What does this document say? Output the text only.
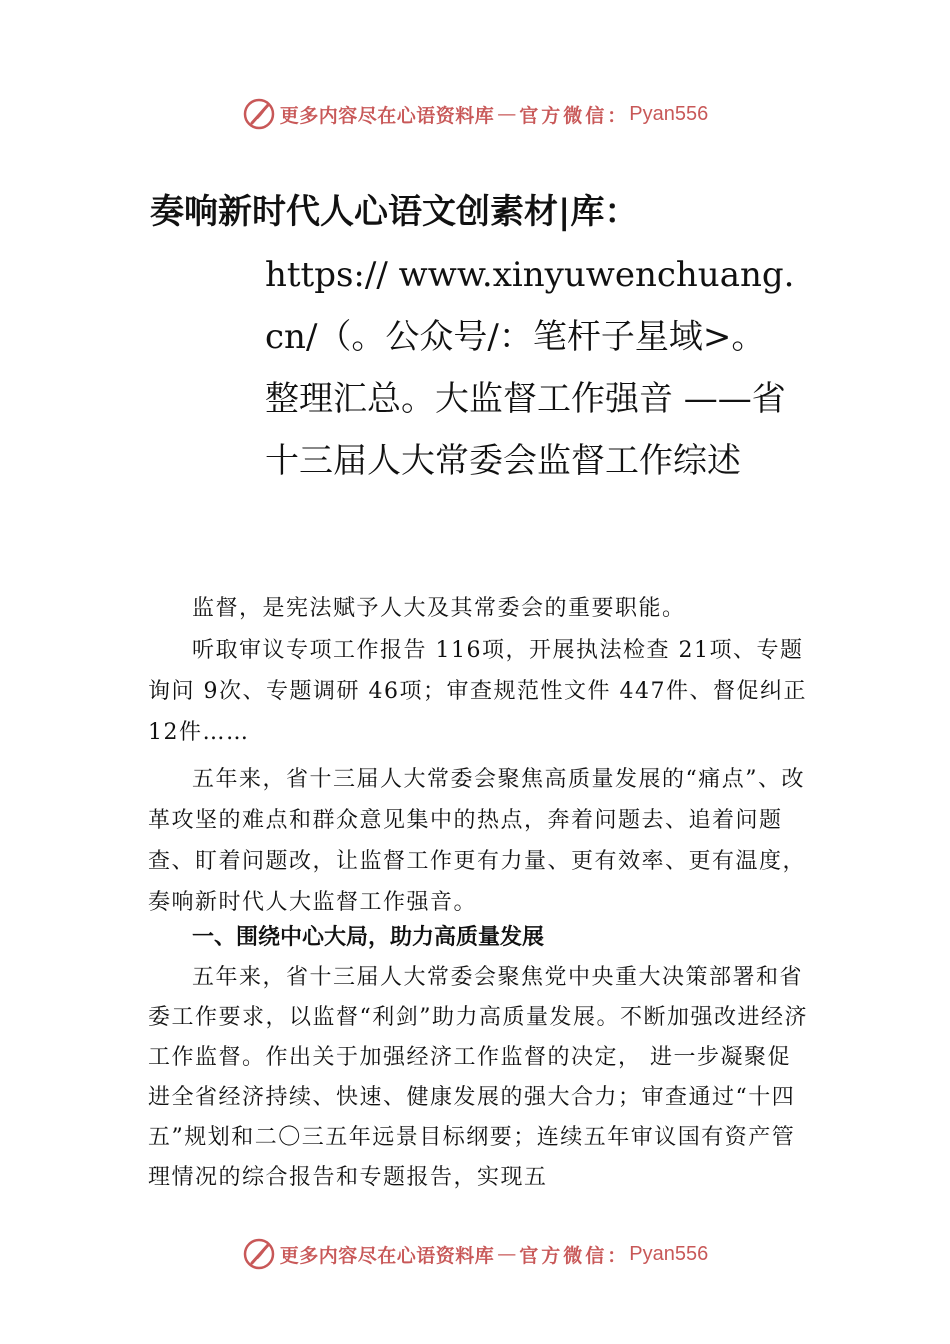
更多内容尽在心语资料库 — 官方微信： Pyan556
奏响新时代人心语文创素材|库：

https:// www.xinyuwenchuang.cn/（。公众号/：笔杆子星域>。整理汇总。大监督工作强音 ——省十三届人大常委会监督工作综述

监督，是宪法赋予人大及其常委会的重要职能。

听取审议专项工作报告 116项，开展执法检查 21项、专题询问 9次、专题调研 46项；审查规范性文件 447件、督促纠正 12件……

五年来，省十三届人大常委会聚焦高质量发展的“痛点”、改革攻坚的难点和群众意见集中的热点，奔着问题去、追着问题查、盯着问题改，让监督工作更有力量、更有效率、更有温度，奏响新时代人大监督工作强音。

一、围绕中心大局，助力高质量发展

五年来，省十三届人大常委会聚焦党中央重大决策部署和省委工作要求，以监督“利剑”助力高质量发展。不断加强改进经济工作监督。作出关于加强经济工作监督的决定， 进一步凝聚促进全省经济持续、快速、健康发展的强大合力；审查通过“十四五”规划和二〇三五年远景目标纲要；连续五年审议国有资产管理情况的综合报告和专题报告，实现五

更多内容尽在心语资料库 — 官方微信： Pyan556
